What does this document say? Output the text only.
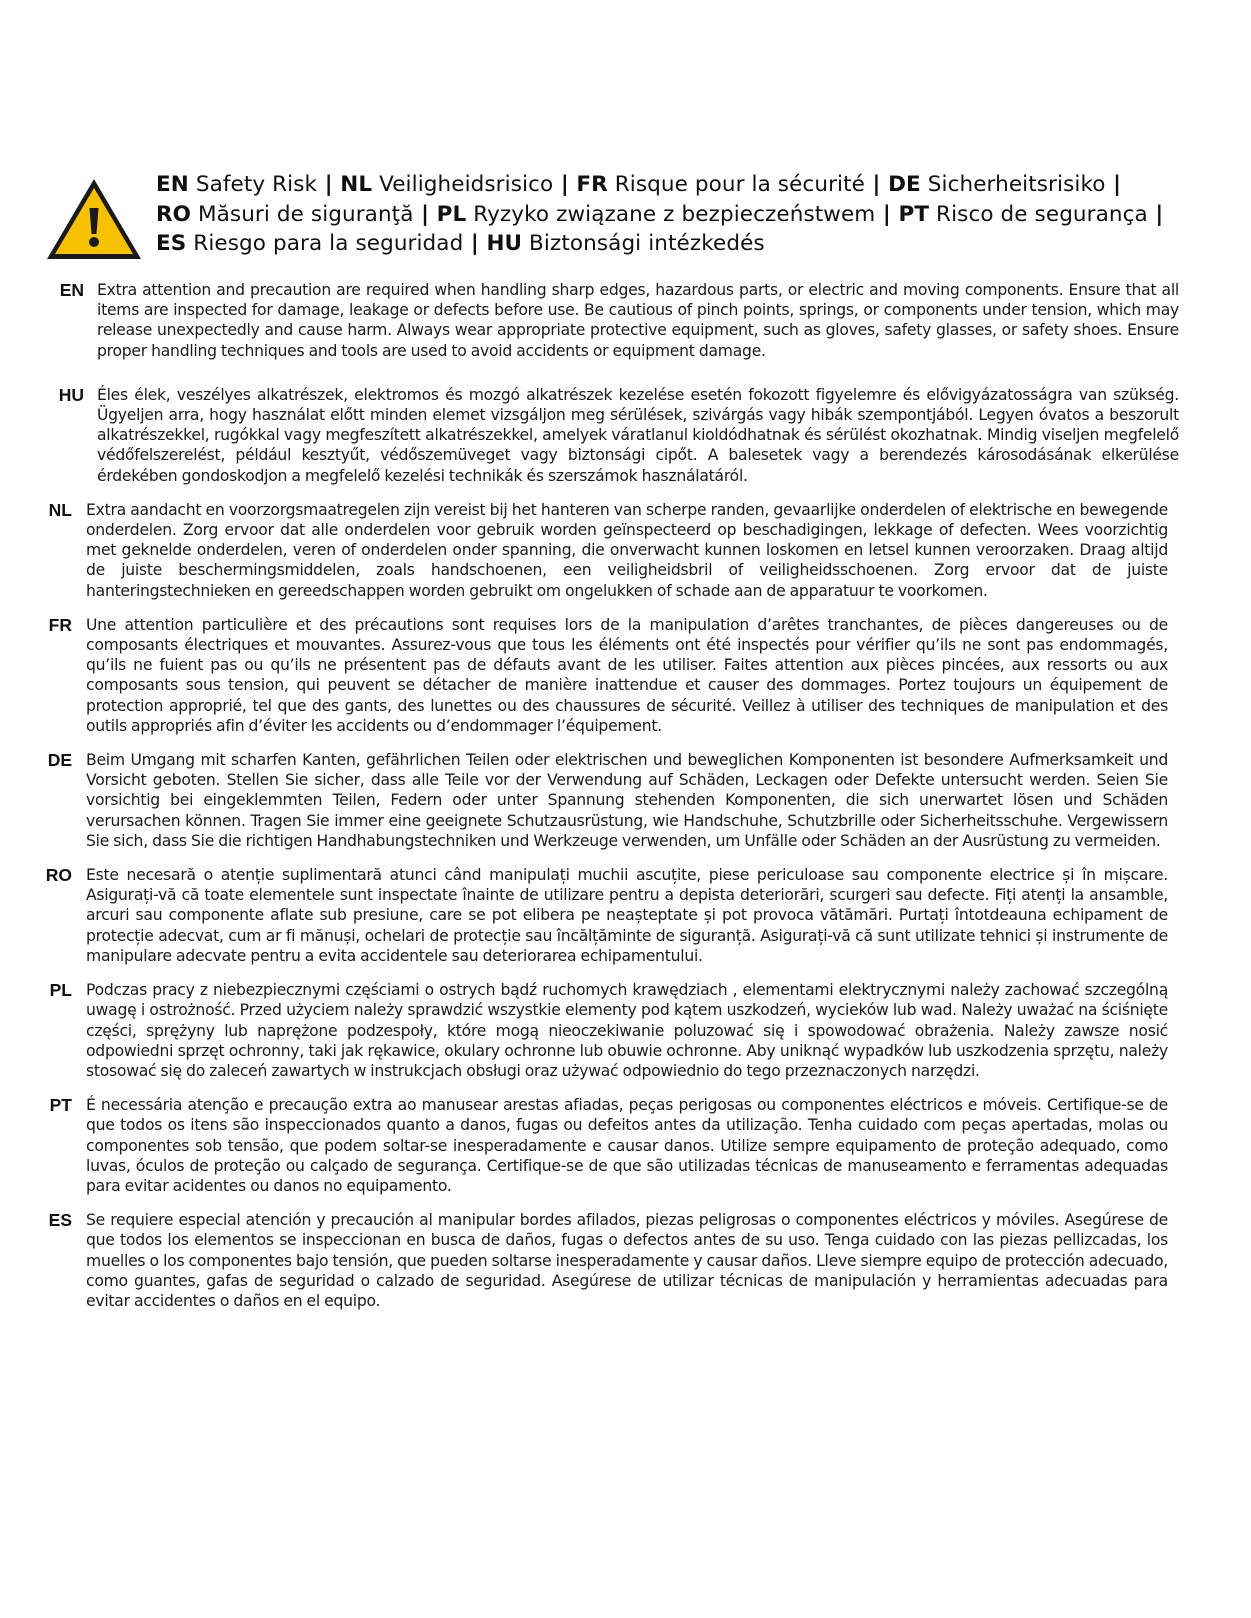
EN Safety Risk | NL Veiligheidsrisico | FR Risque pour la sécurité | DE Sicherheitsrisiko |
RO Măsuri de siguranţă | PL Ryzyko związane z bezpieczeństwem | PT Risco de segurança |
ES Riesgo para la seguridad | HU Biztonsági intézkedés
EN Extra attention and precaution are required when handling sharp edges, hazardous parts, or electric and moving components. Ensure that all items are inspected for damage, leakage or defects before use. Be cautious of pinch points, springs, or components under tension, which may release unexpectedly and cause harm. Always wear appropriate protective equipment, such as gloves, safety glasses, or safety shoes. Ensure proper handling techniques and tools are used to avoid accidents or equipment damage.
HU Éles élek, veszélyes alkatrészek, elektromos és mozgó alkatrészek kezelése esetén fokozott figyelemre és elővigyázatosságra van szükség. Ügyeljen arra, hogy használat előtt minden elemet vizsgáljon meg sérülések, szivárgás vagy hibák szempontjából. Legyen óvatos a beszorult alkatrészekkel, rugókkal vagy megfeszített alkatrészekkel, amelyek váratlanul kioldódhatnak és sérülést okozhatnak. Mindig viseljen megfelelő védőfelszerelést, például kesztyűt, védőszemüveget vagy biztonsági cipőt. A balesetek vagy a berendezés károsodásának elkerülése érdekében gondoskodjon a megfelelő kezelési technikák és szerszámok használatáról.
NL Extra aandacht en voorzorgsmaatregelen zijn vereist bij het hanteren van scherpe randen, gevaarlijke onderdelen of elektrische en bewegende onderdelen. Zorg ervoor dat alle onderdelen voor gebruik worden geïnspecteerd op beschadigingen, lekkage of defecten. Wees voorzichtig met geknelde onderdelen, veren of onderdelen onder spanning, die onverwacht kunnen loskomen en letsel kunnen veroorzaken. Draag altijd de juiste beschermingsmiddelen, zoals handschoenen, een veiligheidsbril of veiligheidsschoenen. Zorg ervoor dat de juiste hanteringstechnieken en gereedschappen worden gebruikt om ongelukken of schade aan de apparatuur te voorkomen.
FR Une attention particulière et des précautions sont requises lors de la manipulation d’arêtes tranchantes, de pièces dangereuses ou de composants électriques et mouvantes. Assurez-vous que tous les éléments ont été inspectés pour vérifier qu’ils ne sont pas endommagés, qu’ils ne fuient pas ou qu’ils ne présentent pas de défauts avant de les utiliser. Faites attention aux pièces pincées, aux ressorts ou aux composants sous tension, qui peuvent se détacher de manière inattendue et causer des dommages. Portez toujours un équipement de protection approprié, tel que des gants, des lunettes ou des chaussures de sécurité. Veillez à utiliser des techniques de manipulation et des outils appropriés afin d’éviter les accidents ou d’endommager l’équipement.
DE Beim Umgang mit scharfen Kanten, gefährlichen Teilen oder elektrischen und beweglichen Komponenten ist besondere Aufmerksamkeit und Vorsicht geboten. Stellen Sie sicher, dass alle Teile vor der Verwendung auf Schäden, Leckagen oder Defekte untersucht werden. Seien Sie vorsichtig bei eingeklemmten Teilen, Federn oder unter Spannung stehenden Komponenten, die sich unerwartet lösen und Schäden verursachen können. Tragen Sie immer eine geeignete Schutzausrüstung, wie Handschuhe, Schutzbrille oder Sicherheitsschuhe. Vergewissern Sie sich, dass Sie die richtigen Handhabungstechniken und Werkzeuge verwenden, um Unfälle oder Schäden an der Ausrüstung zu vermeiden.
RO Este necesară o atenție suplimentară atunci când manipulați muchii ascuțite, piese periculoase sau componente electrice și în mișcare. Asigurați-vă că toate elementele sunt inspectate înainte de utilizare pentru a depista deteriorări, scurgeri sau defecte. Fiți atenți la ansamble, arcuri sau componente aflate sub presiune, care se pot elibera pe neașteptate și pot provoca vătămări. Purtați întotdeauna echipament de protecție adecvat, cum ar fi mănuși, ochelari de protecție sau încălțăminte de siguranță. Asigurați-vă că sunt utilizate tehnici și instrumente de manipulare adecvate pentru a evita accidentele sau deteriorarea echipamentului.
PL Podczas pracy z niebezpiecznymi częściami o ostrych bądź ruchomych krawędziach , elementami elektrycznymi należy zachować szczególną uwagę i ostrożność. Przed użyciem należy sprawdzić wszystkie elementy pod kątem uszkodzeń, wycieków lub wad. Należy uważać na ściśnięte części, sprężyny lub naprężone podzespoły, które mogą nieoczekiwanie poluzować się i spowodować obrażenia. Należy zawsze nosić odpowiedni sprzęt ochronny, taki jak rękawice, okulary ochronne lub obuwie ochronne. Aby uniknąć wypadków lub uszkodzenia sprzętu, należy stosować się do zaleceń zawartych w instrukcjach obsługi oraz używać odpowiednio do tego przeznaczonych narzędzi.
PT É necessária atenção e precaução extra ao manusear arestas afiadas, peças perigosas ou componentes eléctricos e móveis. Certifique-se de que todos os itens são inspeccionados quanto a danos, fugas ou defeitos antes da utilização. Tenha cuidado com peças apertadas, molas ou componentes sob tensão, que podem soltar-se inesperadamente e causar danos. Utilize sempre equipamento de proteção adequado, como luvas, óculos de proteção ou calçado de segurança. Certifique-se de que são utilizadas técnicas de manuseamento e ferramentas adequadas para evitar acidentes ou danos no equipamento.
ES Se requiere especial atención y precaución al manipular bordes afilados, piezas peligrosas o componentes eléctricos y móviles. Asegúrese de que todos los elementos se inspeccionan en busca de daños, fugas o defectos antes de su uso. Tenga cuidado con las piezas pellizcadas, los muelles o los componentes bajo tensión, que pueden soltarse inesperadamente y causar daños. Lleve siempre equipo de protección adecuado, como guantes, gafas de seguridad o calzado de seguridad. Asegúrese de utilizar técnicas de manipulación y herramientas adecuadas para evitar accidentes o daños en el equipo.
